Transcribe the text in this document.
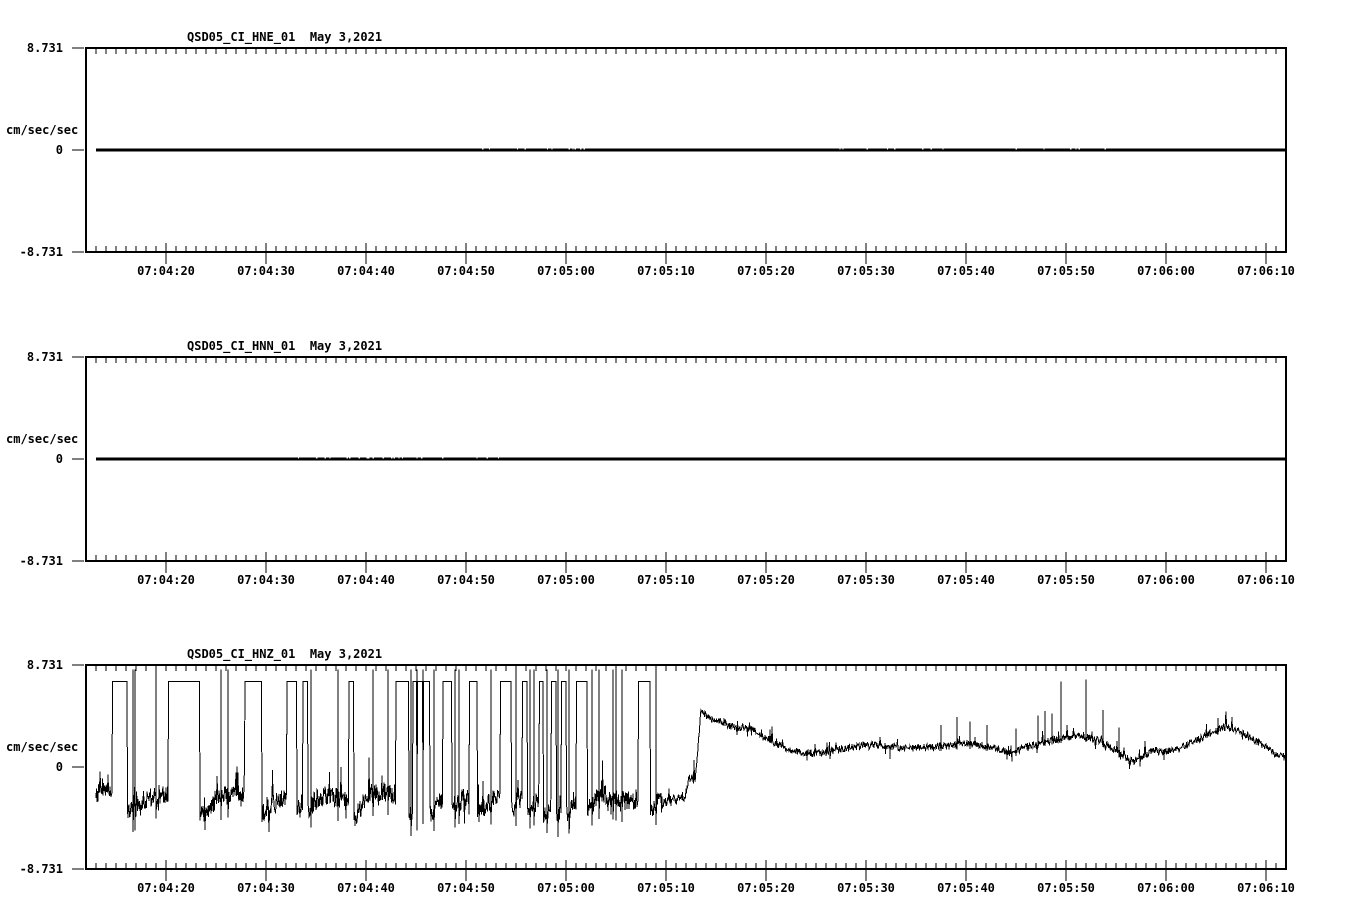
QSD05_CI_HNE_01  May 3,2021
8.731
cm/sec/sec
0
-8.731
QSD05_CI_HNN_01  May 3,2021
8.731
cm/sec/sec
0
-8.731
QSD05_CI_HNZ_01  May 3,2021
8.731
cm/sec/sec
0
-8.731
07:04:20	07:04:30	07:04:40	07:04:50	07:05:00	07:05:10	07:05:20	07:05:30	07:05:40	07:05:50	07:06:00	07:06:10
07:04:20	07:04:30	07:04:40	07:04:50	07:05:00	07:05:10	07:05:20	07:05:30	07:05:40	07:05:50	07:06:00	07:06:10
07:04:20	07:04:30	07:04:40	07:04:50	07:05:00	07:05:10	07:05:20	07:05:30	07:05:40	07:05:50	07:06:00	07:06:10
